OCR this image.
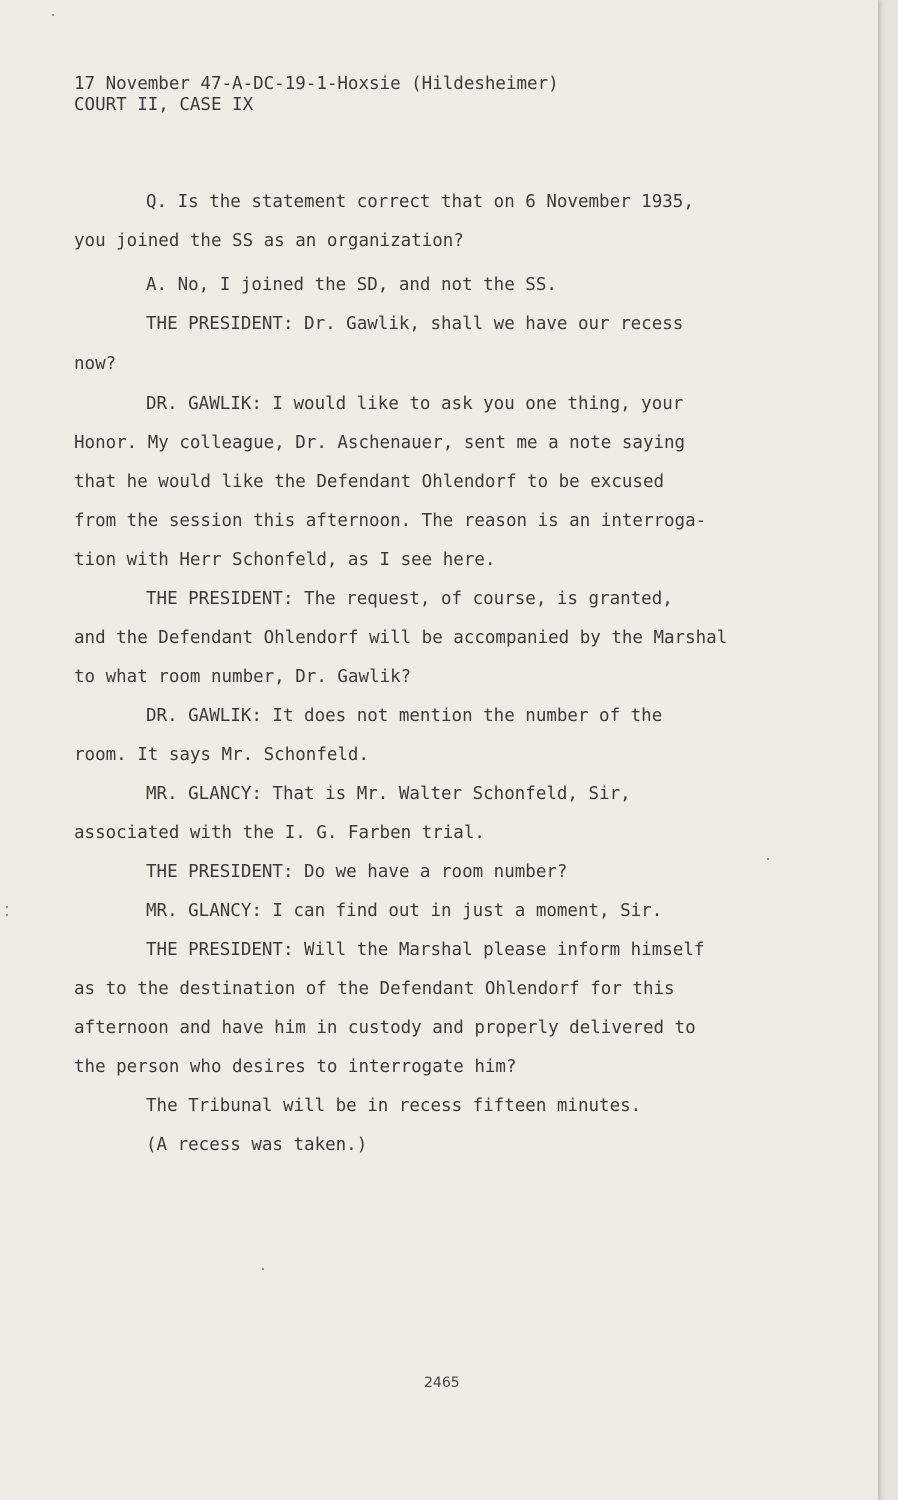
17 November 47-A-DC-19-1-Hoxsie (Hildesheimer)
COURT II, CASE IX
Q. Is the statement correct that on 6 November 1935,
you joined the SS as an organization?
A. No, I joined the SD, and not the SS.
THE PRESIDENT: Dr. Gawlik, shall we have our recess
now?
DR. GAWLIK: I would like to ask you one thing, your
Honor. My colleague, Dr. Aschenauer, sent me a note saying
that he would like the Defendant Ohlendorf to be excused
from the session this afternoon. The reason is an interroga-
tion with Herr Schonfeld, as I see here.
THE PRESIDENT: The request, of course, is granted,
and the Defendant Ohlendorf will be accompanied by the Marshal
to what room number, Dr. Gawlik?
DR. GAWLIK: It does not mention the number of the
room. It says Mr. Schonfeld.
MR. GLANCY: That is Mr. Walter Schonfeld, Sir,
associated with the I. G. Farben trial.
THE PRESIDENT: Do we have a room number?
MR. GLANCY: I can find out in just a moment, Sir.
THE PRESIDENT: Will the Marshal please inform himself
as to the destination of the Defendant Ohlendorf for this
afternoon and have him in custody and properly delivered to
the person who desires to interrogate him?
The Tribunal will be in recess fifteen minutes.
(A recess was taken.)
2465
